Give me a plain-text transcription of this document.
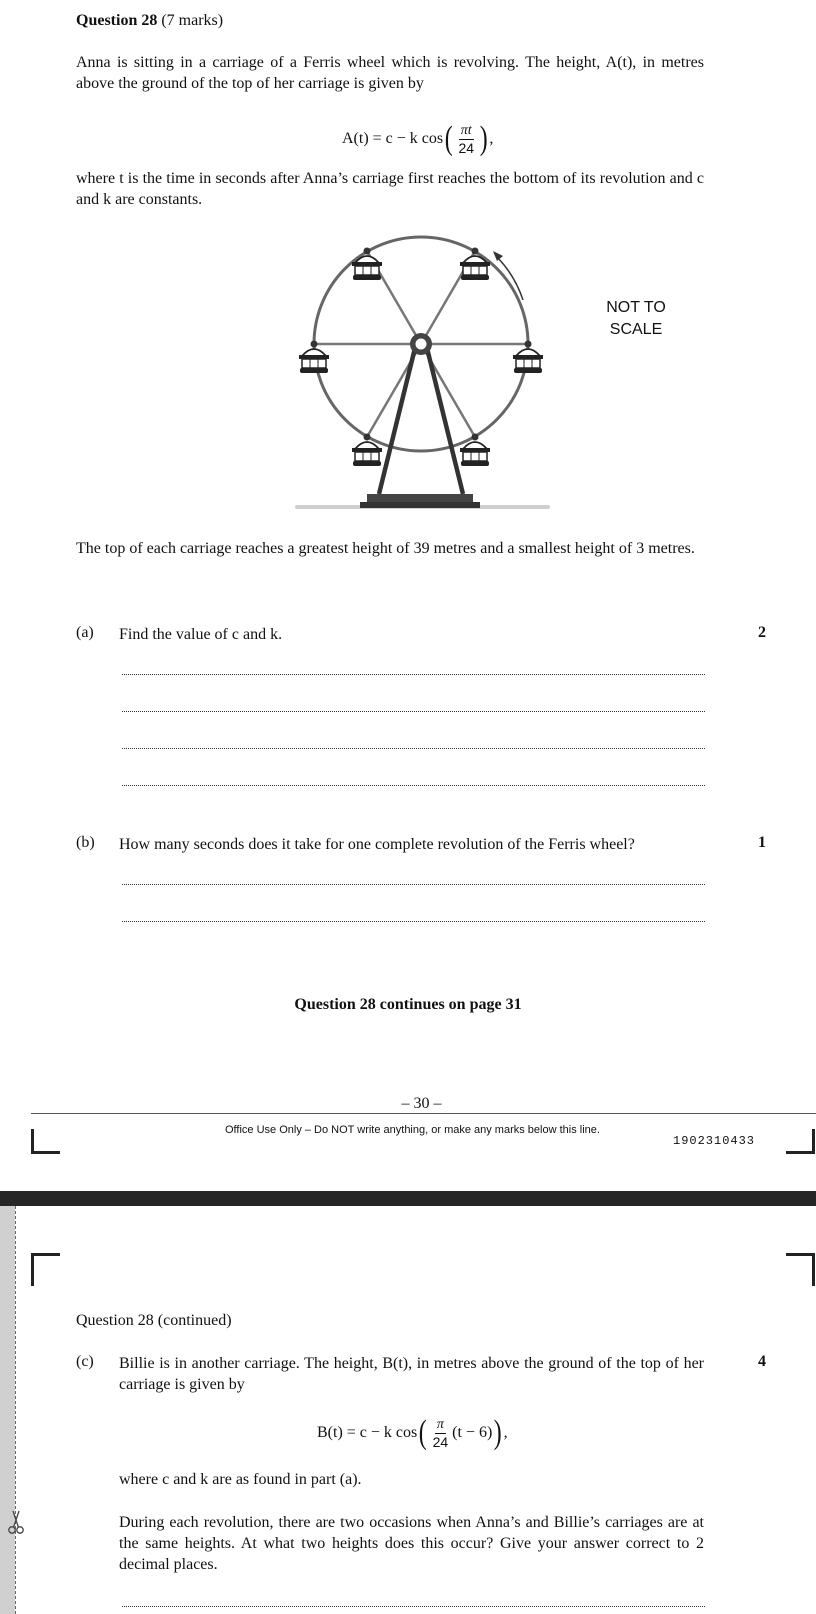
Question 28 (7 marks)
Anna is sitting in a carriage of a Ferris wheel which is revolving. The height, A(t), in metres above the ground of the top of her carriage is given by
A(t) = c − k cos ( $\frac{\pi t}{24}$ ) ,
where t is the time in seconds after Anna’s carriage first reaches the bottom of its revolution and c and k are constants.
NOT TO
SCALE
The top of each carriage reaches a greatest height of 39 metres and a smallest height of 3 metres.
(a) Find the value of c and k.	2
(b) How many seconds does it take for one complete revolution of the Ferris wheel?	1
Question 28 continues on page 31
– 30 –
Office Use Only – Do NOT write anything, or make any marks below this line.
1902310433
Question 28 (continued)
(c)	4
Billie is in another carriage. The height, B(t), in metres above the ground of the top of her carriage is given by
B(t) = c − k cos ( $\frac{\pi}{24} (t - 6)$ ) ,
where c and k are as found in part (a).
During each revolution, there are two occasions when Anna’s and Billie’s carriages are at the same heights. At what two heights does this occur? Give your answer correct to 2 decimal places.
